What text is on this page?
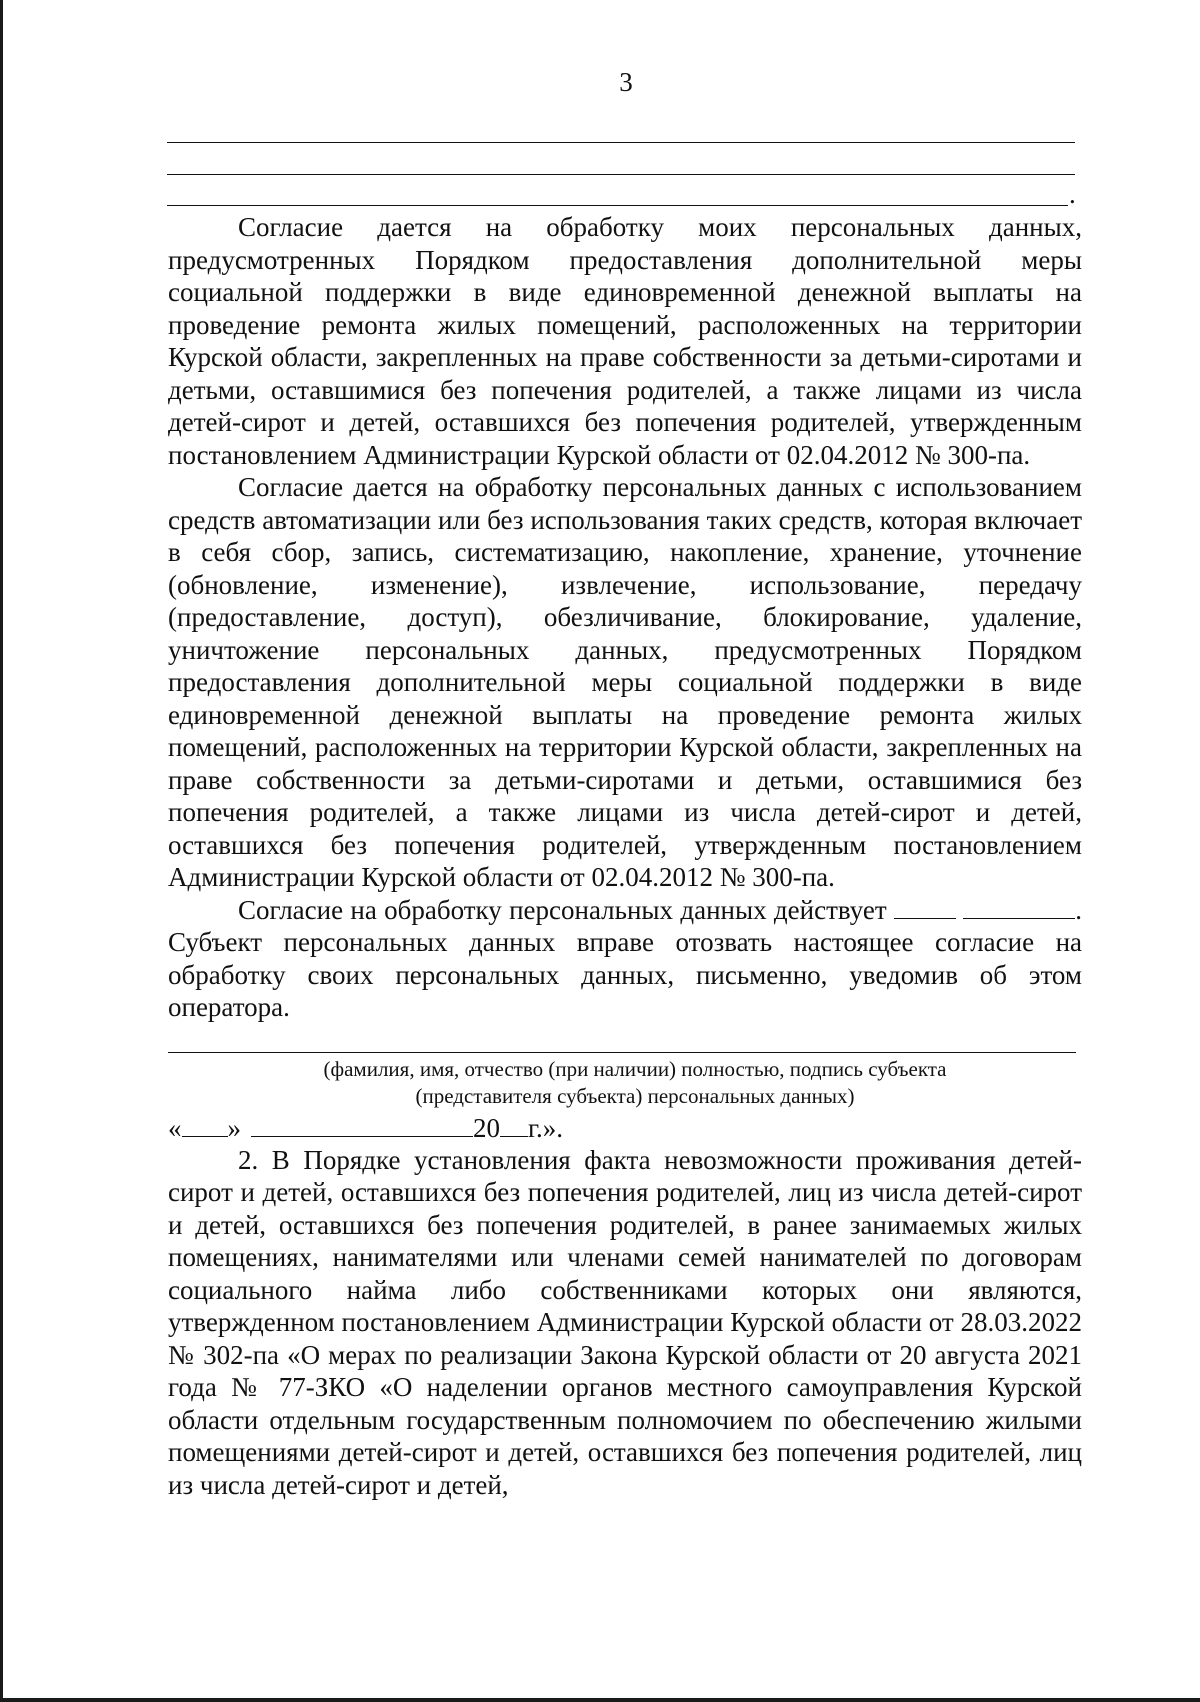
3
.

Согласие дается на обработку моих персональных данных, предусмотренных Порядком предоставления дополнительной меры социальной поддержки в виде единовременной денежной выплаты на проведение ремонта жилых помещений, расположенных на территории Курской области, закрепленных на праве собственности за детьми-сиротами и детьми, оставшимися без попечения родителей, а также лицами из числа детей-сирот и детей, оставшихся без попечения родителей, утвержденным постановлением Администрации Курской области от 02.04.2012 № 300-па.

Согласие дается на обработку персональных данных с использованием средств автоматизации или без использования таких средств, которая включает в себя сбор, запись, систематизацию, накопление, хранение, уточнение (обновление, изменение), извлечение, использование, передачу (предоставление, доступ), обезличивание, блокирование, удаление, уничтожение персональных данных, предусмотренных Порядком предоставления дополнительной меры социальной поддержки в виде единовременной денежной выплаты на проведение ремонта жилых помещений, расположенных на территории Курской области, закрепленных на праве собственности за детьми-сиротами и детьми, оставшимися без попечения родителей, а также лицами из числа детей-сирот и детей, оставшихся без попечения родителей, утвержденным постановлением Администрации Курской области от 02.04.2012 № 300-па.

Согласие на обработку персональных данных действует	. Субъект персональных данных вправе отозвать настоящее согласие на обработку своих персональных данных, письменно, уведомив об этом оператора.

(фамилия, имя, отчество (при наличии) полностью, подпись субъекта
(представителя субъекта) персональных данных)
« »	20 г.».

2. В Порядке установления факта невозможности проживания детей-сирот и детей, оставшихся без попечения родителей, лиц из числа детей-сирот и детей, оставшихся без попечения родителей, в ранее занимаемых жилых помещениях, нанимателями или членами семей нанимателей по договорам социального найма либо собственниками которых они являются, утвержденном постановлением Администрации Курской области от 28.03.2022 № 302-па «О мерах по реализации Закона Курской области от 20 августа 2021 года № 77-ЗКО «О наделении органов местного самоуправления Курской области отдельным государственным полномочием по обеспечению жилыми помещениями детей-сирот и детей, оставшихся без попечения родителей, лиц из числа детей-сирот и детей,
